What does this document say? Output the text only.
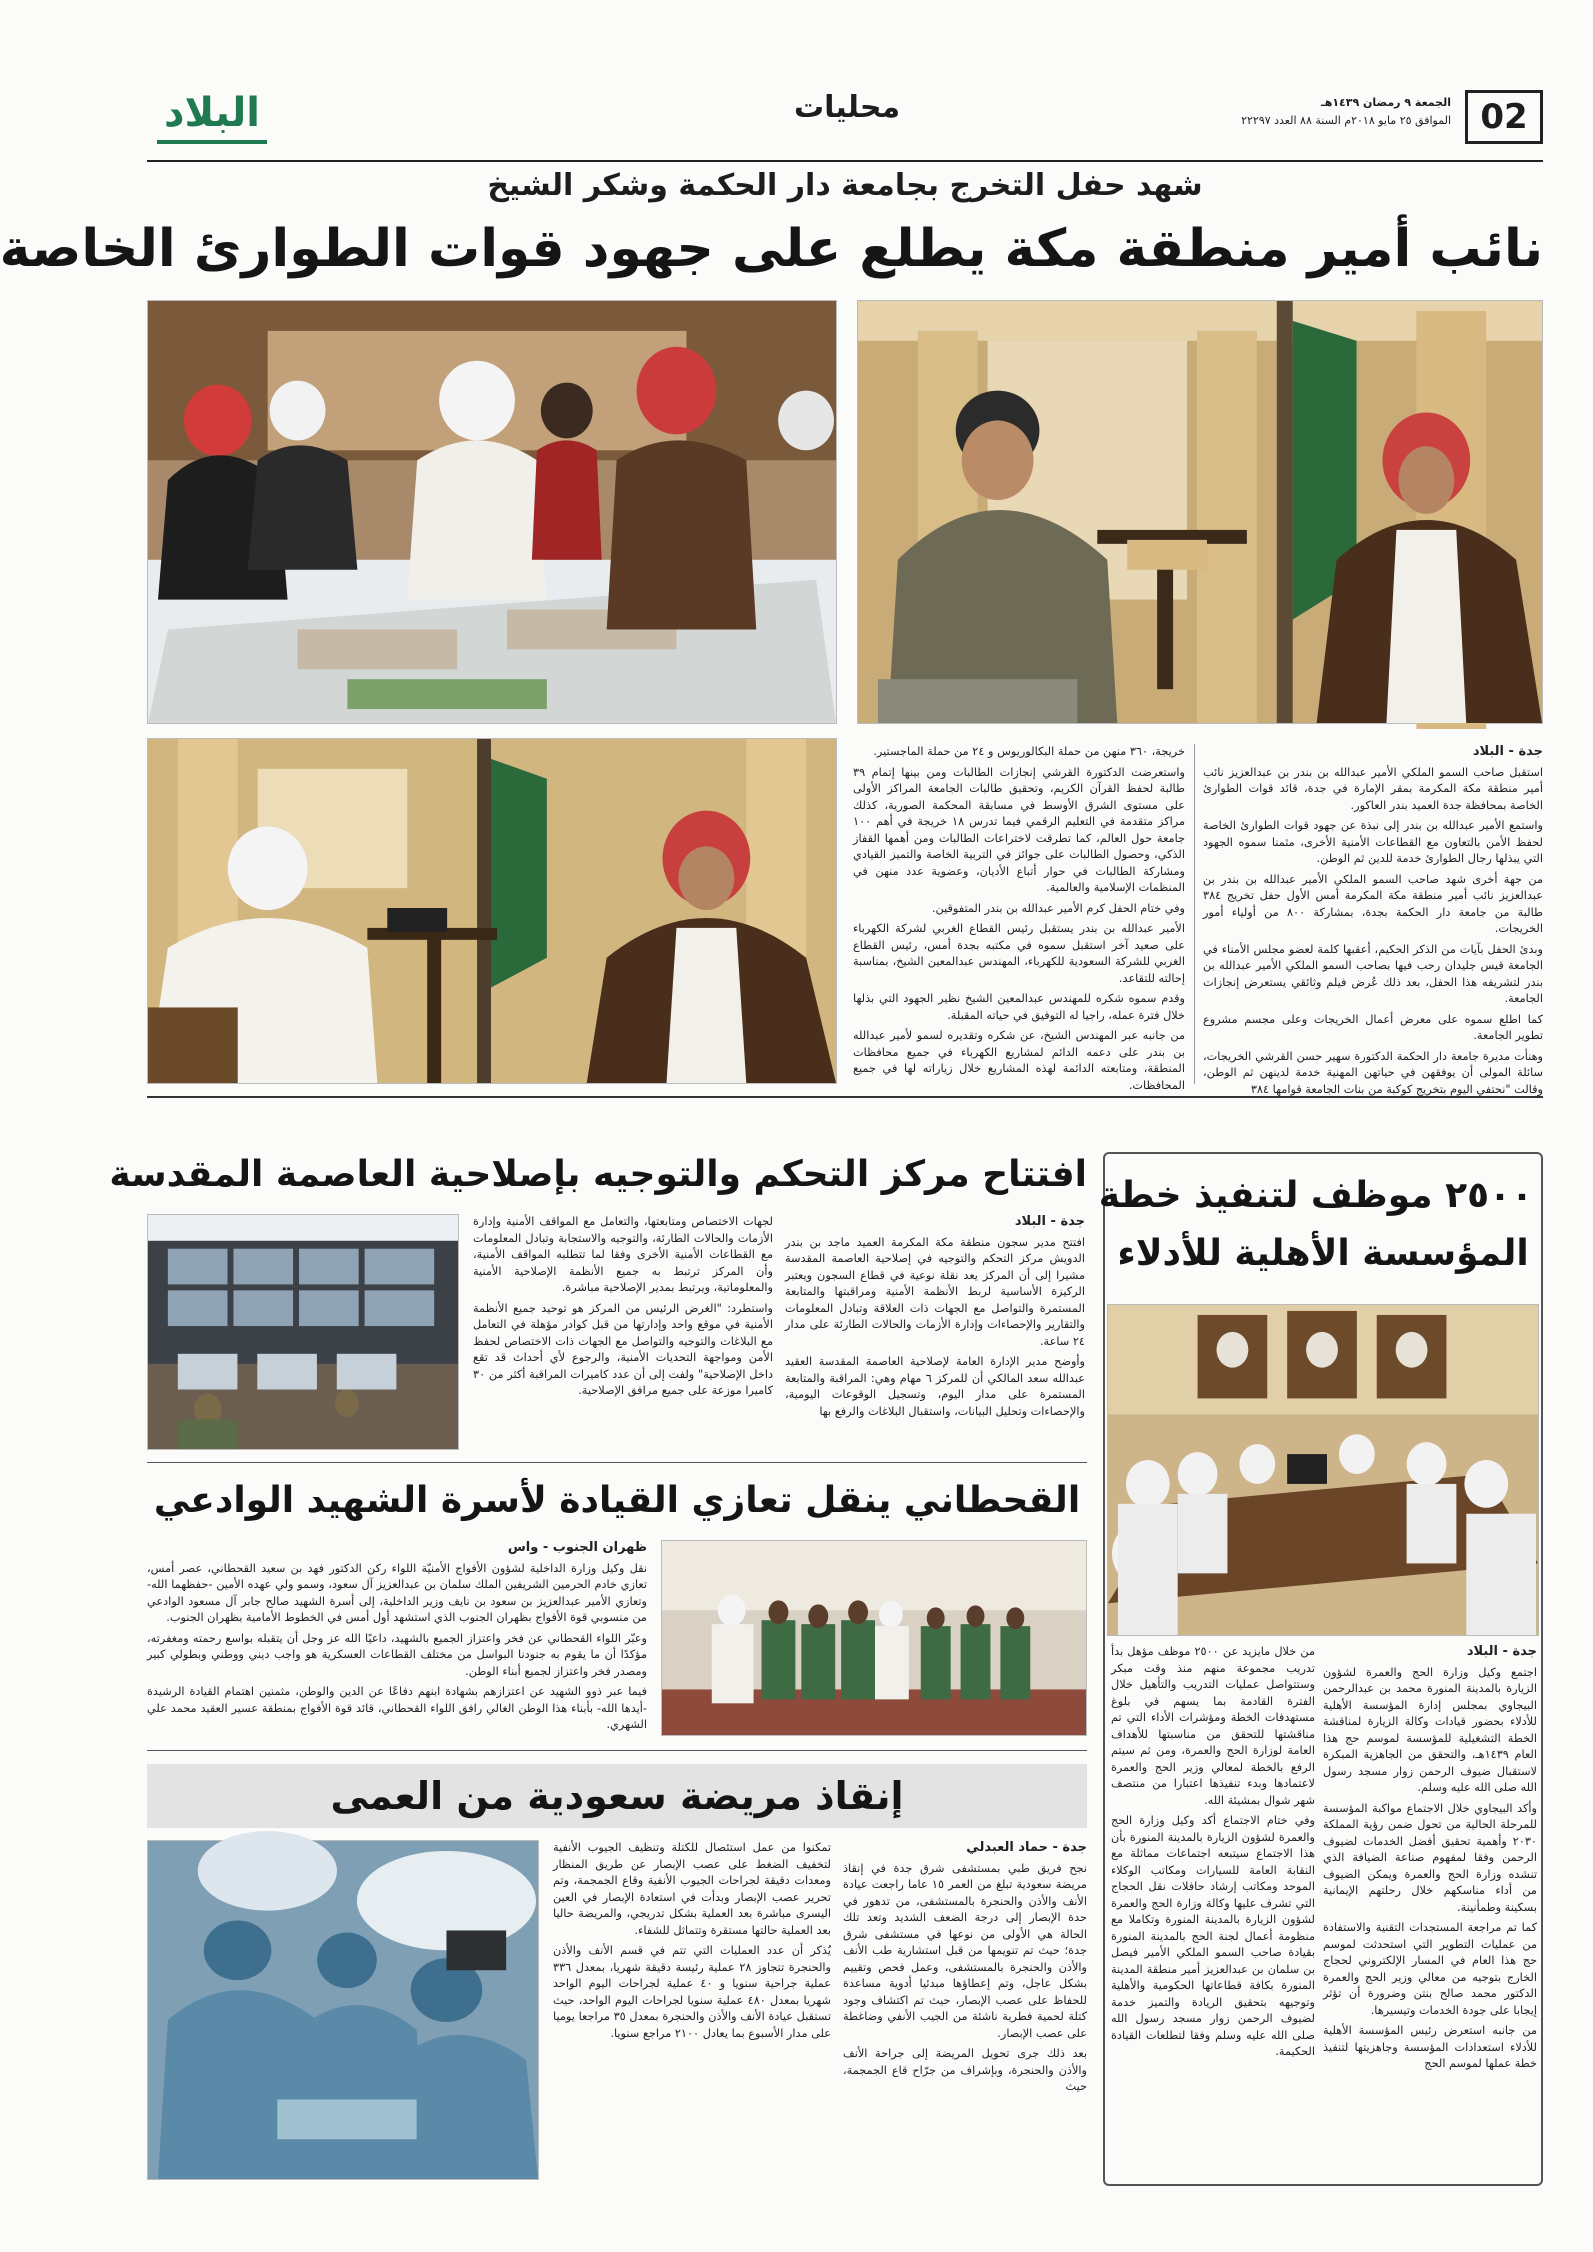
02
الجمعة ٩ رمضان ١٤٣٩هـ
الموافق ٢٥ مايو ٢٠١٨م السنة ٨٨ العدد ٢٢٢٩٧
محليات
البلاد
شهد حفل التخرج بجامعة دار الحكمة وشكر الشيخ
نائب أمير منطقة مكة يطلع على جهود قوات الطوارئ الخاصة
جدة - البلاد

استقبل صاحب السمو الملكي الأمير عبدالله بن بندر بن عبدالعزيز نائب أمير منطقة مكة المكرمة بمقر الإمارة في جدة، قائد قوات الطوارئ الخاصة بمحافظة جدة العميد بندر العاكور.

واستمع الأمير عبدالله بن بندر إلى نبذة عن جهود قوات الطوارئ الخاصة لحفظ الأمن بالتعاون مع القطاعات الأمنية الأخرى، مثمنا سموه الجهود التي يبذلها رجال الطوارئ خدمة للدين ثم الوطن.

من جهة أخرى شهد صاحب السمو الملكي الأمير عبدالله بن بندر بن عبدالعزيز نائب أمير منطقة مكة المكرمة أمس الأول حفل تخريج ٣٨٤ طالبة من جامعة دار الحكمة بجدة، بمشاركة ٨٠٠ من أولياء أمور الخريجات.

وبدئ الحفل بآيات من الذكر الحكيم، أعقبها كلمة لعضو مجلس الأمناء في الجامعة قيس جليدان رحب فيها بصاحب السمو الملكي الأمير عبدالله بن بندر لتشريفه هذا الحفل، بعد ذلك عُرض فيلم وثائقي يستعرض إنجازات الجامعة.

كما اطلع سموه على معرض أعمال الخريجات وعلى مجسم مشروع تطوير الجامعة.

وهنأت مديرة جامعة دار الحكمة الدكتورة سهير حسن القرشي الخريجات، سائلة المولى أن يوفقهن في حياتهن المهنية خدمة لدينهن ثم الوطن، وقالت "نحتفي اليوم بتخريج كوكبة من بنات الجامعة قوامها ٣٨٤

خريجة، ٣٦٠ منهن من حملة البكالوريوس و ٢٤ من حملة الماجستير.

واستعرضت الدكتورة القرشي إنجازات الطالبات ومن بينها إتمام ٣٩ طالبة لحفظ القرآن الكريم، وتحقيق طالبات الجامعة المراكز الأولى على مستوى الشرق الأوسط في مسابقة المحكمة الصورية، كذلك مراكز متقدمة في التعليم الرقمي فيما تدرس ١٨ خريجة في أهم ١٠٠ جامعة حول العالم، كما تطرقت لاختراعات الطالبات ومن أهمها القفاز الذكي، وحصول الطالبات على جوائز في التربية الخاصة والتميز القيادي ومشاركة الطالبات في حوار أتباع الأديان، وعضوية عدد منهن في المنظمات الإسلامية والعالمية.

وفي ختام الحفل كرم الأمير عبدالله بن بندر المتفوقين.

الأمير عبدالله بن بندر يستقبل رئيس القطاع الغربي لشركة الكهرباء على صعيد آخر استقبل سموه في مكتبه بجدة أمس، رئيس القطاع الغربي للشركة السعودية للكهرباء، المهندس عبدالمعين الشيخ، بمناسبة إحالته للتقاعد.

وقدم سموه شكره للمهندس عبدالمعين الشيخ نظير الجهود التي بذلها خلال فترة عمله، راجيا له التوفيق في حياته المقبلة.

من جانبه عبر المهندس الشيخ، عن شكره وتقديره لسمو لأمير عبدالله بن بندر على دعمه الدائم لمشاريع الكهرباء في جميع محافظات المنطقة، ومتابعته الدائمة لهذه المشاريع خلال زياراته لها في جميع المحافظات.

٢٥٠٠ موظف لتنفيذ خطة
المؤسسة الأهلية للأدلاء
جدة - البلاد

اجتمع وكيل وزارة الحج والعمرة لشؤون الزيارة بالمدينة المنورة محمد بن عبدالرحمن البيجاوي بمجلس إدارة المؤسسة الأهلية للأدلاء بحضور قيادات وكالة الزيارة لمناقشة الخطة التشغيلية للمؤسسة لموسم حج هذا العام ١٤٣٩هـ، والتحقق من الجاهزية المبكرة لاستقبال ضيوف الرحمن زوار مسجد رسول الله صلى الله عليه وسلم.

وأكد البيجاوي خلال الاجتماع مواكبة المؤسسة للمرحلة الحالية من تحول ضمن رؤية المملكة ٢٠٣٠ وأهمية تحقيق أفضل الخدمات لضيوف الرحمن وفقا لمفهوم صناعة الضيافة الذي تنشده وزارة الحج والعمرة ويمكن الضيوف من أداء مناسكهم خلال رحلتهم الإيمانية بسكينة وطمأنينة.

كما تم مراجعة المستجدات التقنية والاستفادة من عمليات التطوير التي استحدثت لموسم حج هذا العام في المسار الإلكتروني لحجاج الخارج بتوجيه من معالي وزير الحج والعمرة الدكتور محمد صالح بنتن وضرورة أن تؤثر إيجابا على جودة الخدمات وتيسيرها.

من جانبه استعرض رئيس المؤسسة الأهلية للأدلاء استعدادات المؤسسة وجاهزيتها لتنفيذ خطة عملها لموسم الحج

من خلال مايزيد عن ٢٥٠٠ موظف مؤهل بدأ تدريب مجموعة منهم منذ وقت مبكر وستتواصل عمليات التدريب والتأهيل خلال الفترة القادمة بما يسهم في بلوغ مستهدفات الخطة ومؤشرات الأداء التي تم مناقشتها للتحقق من مناسبتها للأهداف العامة لوزارة الحج والعمرة، ومن ثم سيتم الرفع بالخطة لمعالي وزير الحج والعمرة لاعتمادها وبدء تنفيذها اعتبارا من منتصف شهر شوال بمشيئة الله.

وفي ختام الاجتماع أكد وكيل وزارة الحج والعمرة لشؤون الزيارة بالمدينة المنورة بأن هذا الاجتماع سيتبعه اجتماعات مماثلة مع النقابة العامة للسيارات ومكاتب الوكلاء الموحد ومكاتب إرشاد حافلات نقل الحجاج التي تشرف عليها وكالة وزارة الحج والعمرة لشؤون الزيارة بالمدينة المنورة وتكاملا مع منظومة أعمال لجنة الحج بالمدينة المنورة بقيادة صاحب السمو الملكي الأمير فيصل بن سلمان بن عبدالعزيز أمير منطقة المدينة المنورة بكافة قطاعاتها الحكومية والأهلية وتوجيهه بتحقيق الريادة والتميز خدمة لضيوف الرحمن زوار مسجد رسول الله صلى الله عليه وسلم وفقا لتطلعات القيادة الحكيمة.

افتتاح مركز التحكم والتوجيه بإصلاحية العاصمة المقدسة
جدة - البلاد

افتتح مدير سجون منطقة مكة المكرمة العميد ماجد بن بندر الدويش مركز التحكم والتوجيه في إصلاحية العاصمة المقدسة مشيرا إلى أن المركز يعد نقلة نوعية في قطاع السجون ويعتبر الركيزة الأساسية لربط الأنظمة الأمنية ومراقبتها والمتابعة المستمرة والتواصل مع الجهات ذات العلاقة وتبادل المعلومات والتقارير والإحصاءات وإدارة الأزمات والحالات الطارئة على مدار ٢٤ ساعة.

وأوضح مدير الإدارة العامة لإصلاحية العاصمة المقدسة العقيد عبدالله سعد المالكي أن للمركز ٦ مهام وهي: المراقبة والمتابعة المستمرة على مدار اليوم، وتسجيل الوقوعات اليومية، والإحصاءات وتحليل البيانات، واستقبال البلاغات والرفع بها

لجهات الاختصاص ومتابعتها، والتعامل مع المواقف الأمنية وإدارة الأزمات والحالات الطارئة، والتوجيه والاستجابة وتبادل المعلومات مع القطاعات الأمنية الأخرى وفقا لما تتطلبه المواقف الأمنية، وأن المركز ترتبط به جميع الأنظمة الإصلاحية الأمنية والمعلوماتية، ويرتبط بمدير الإصلاحية مباشرة.

واستطرد: "الغرض الرئيس من المركز هو توحيد جميع الأنظمة الأمنية في موقع واحد وإدارتها من قبل كوادر مؤهلة في التعامل مع البلاغات والتوجيه والتواصل مع الجهات ذات الاختصاص لحفظ الأمن ومواجهة التحديات الأمنية، والرجوع لأي أحداث قد تقع داخل الإصلاحية" ولفت إلى أن عدد كاميرات المراقبة أكثر من ٣٠ كاميرا موزعة على جميع مرافق الإصلاحية.

القحطاني ينقل تعازي القيادة لأسرة الشهيد الوادعي
ظهران الجنوب - واس

نقل وكيل وزارة الداخلية لشؤون الأفواج الأمنيّة اللواء ركن الدكتور فهد بن سعيد القحطاني، عصر أمس، تعازي خادم الحرمين الشريفين الملك سلمان بن عبدالعزيز آل سعود، وسمو ولي عهده الأمين -حفظهما الله- وتعازي الأمير عبدالعزيز بن سعود بن نايف وزير الداخلية، إلى أسرة الشهيد صالح جابر آل مسعود الوادعي من منسوبي قوة الأفواج بظهران الجنوب الذي استشهد أول أمس في الخطوط الأمامية بظهران الجنوب.

وعبّر اللواء القحطاني عن فخر واعتزاز الجميع بالشهيد، داعيًا الله عز وجل أن يتقبله بواسع رحمته ومغفرته، مؤكدًا أن ما يقوم به جنودنا البواسل من مختلف القطاعات العسكرية هو واجب ديني ووطني وبطولي كبير ومصدر فخر واعتزاز لجميع أبناء الوطن.

فيما عبر ذوو الشهيد عن اعتزازهم بشهادة ابنهم دفاعًا عن الدين والوطن، مثمنين اهتمام القيادة الرشيدة -أيدها الله- بأبناء هذا الوطن الغالي رافق اللواء القحطاني، قائد قوة الأفواج بمنطقة عسير العقيد محمد علي الشهري.

إنقاذ مريضة سعودية من العمى
جدة - حماد العبدلي

نجح فريق طبي بمستشفى شرق جدة في إنقاذ مريضة سعودية تبلغ من العمر ١٥ عاما راجعت عيادة الأنف والأذن والحنجرة بالمستشفى، من تدهور في حدة الإبصار إلى درجة الضعف الشديد وتعد تلك الحالة هي الأولى من نوعها في مستشفى شرق جدة؛ حيث تم تنويمها من قبل استشارية طب الأنف والأذن والحنجرة بالمستشفى، وعمل فحص وتقييم بشكل عاجل، وتم إعطاؤها مبدئيا أدوية مساعدة للحفاظ على عصب الإبصار، حيث تم اكتشاف وجود كتلة لحمية فطرية ناشئة من الجيب الأنفي وضاغطة على عصب الإبصار.

بعد ذلك جرى تحويل المريضة إلى جراحة الأنف والأذن والحنجرة، وبإشراف من جرّاح قاع الجمجمة، حيث

تمكنوا من عمل استئصال للكتلة وتنظيف الجيوب الأنفية لتخفيف الضغط على عصب الإبصار عن طريق المنظار ومعدات دقيقة لجراحات الجيوب الأنفية وقاع الجمجمة، وتم تحرير عصب الإبصار وبدأت في استعادة الإبصار في العين اليسرى مباشرة بعد العملية بشكل تدريجي، والمريضة حاليا بعد العملية حالتها مستقرة وتتماثل للشفاء.

يُذكر أن عدد العمليات التي تتم في قسم الأنف والأذن والحنجرة تتجاوز ٢٨ عملية رئيسة دقيقة شهريا، بمعدل ٣٣٦ عملية جراحية سنويا و ٤٠ عملية لجراحات اليوم الواحد شهريا بمعدل ٤٨٠ عملية سنويا لجراحات اليوم الواحد، حيث تستقبل عيادة الأنف والأذن والحنجرة بمعدل ٣٥ مراجعا يوميا على مدار الأسبوع بما يعادل ٢١٠٠ مراجع سنويا.
